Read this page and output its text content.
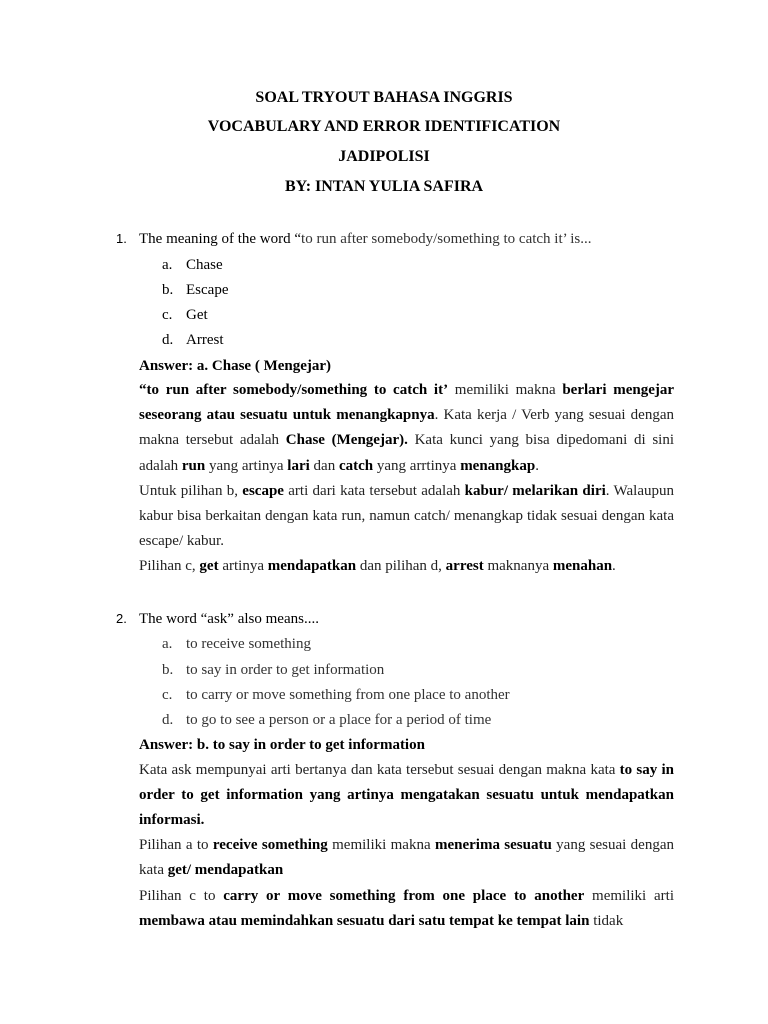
SOAL TRYOUT BAHASA INGGRIS
VOCABULARY AND ERROR IDENTIFICATION
JADIPOLISI
BY: INTAN YULIA SAFIRA
1. The meaning of the word “to run after somebody/something to catch it’ is...
a. Chase
b. Escape
c. Get
d. Arrest
Answer: a. Chase ( Mengejar)
“to run after somebody/something to catch it’ memiliki makna berlari mengejar seseorang atau sesuatu untuk menangkapnya. Kata kerja / Verb yang sesuai dengan makna tersebut adalah Chase (Mengejar). Kata kunci yang bisa dipedomani di sini adalah run yang artinya lari dan catch yang arrtinya menangkap.
Untuk pilihan b, escape arti dari kata tersebut adalah kabur/ melarikan diri. Walaupun kabur bisa berkaitan dengan kata run, namun catch/ menangkap tidak sesuai dengan kata escape/ kabur.
Pilihan c, get artinya mendapatkan dan pilihan d, arrest maknanya menahan.
2. The word “ask” also means....
a. to receive something
b. to say in order to get information
c. to carry or move something from one place to another
d. to go to see a person or a place for a period of time
Answer: b. to say in order to get information
Kata ask mempunyai arti bertanya dan kata tersebut sesuai dengan makna kata to say in order to get information yang artinya mengatakan sesuatu untuk mendapatkan informasi.
Pilihan a to receive something memiliki makna menerima sesuatu yang sesuai dengan kata get/ mendapatkan
Pilihan c to carry or move something from one place to another memiliki arti membawa atau memindahkan sesuatu dari satu tempat ke tempat lain tidak
